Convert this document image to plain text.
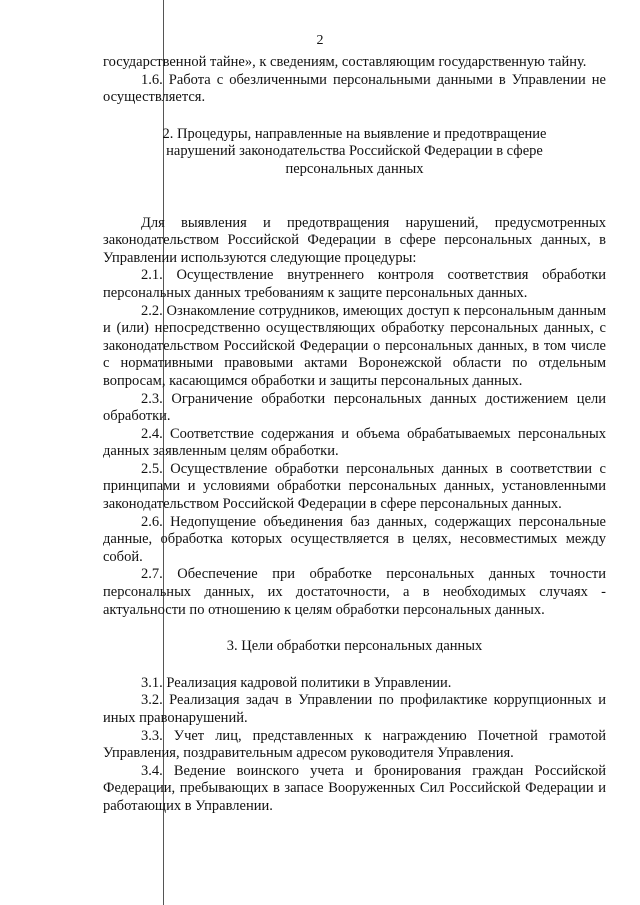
2

государственной тайне», к сведениям, составляющим государственную тайну.

1.6. Работа с обезличенными персональными данными в Управлении не осуществляется.

2. Процедуры, направленные на выявление и предотвращение

нарушений законодательства Российской Федерации в сфере

персональных данных

Для выявления и предотвращения нарушений, предусмотренных законодательством Российской Федерации в сфере персональных данных, в Управлении используются следующие процедуры:

2.1. Осуществление внутреннего контроля соответствия обработки персональных данных требованиям к защите персональных данных.

2.2. Ознакомление сотрудников, имеющих доступ к персональным данным и (или) непосредственно осуществляющих обработку персональных данных, с законодательством Российской Федерации о персональных данных, в том числе с нормативными правовыми актами Воронежской области по отдельным вопросам, касающимся обработки и защиты персональных данных.

2.3. Ограничение обработки персональных данных достижением цели обработки.

2.4. Соответствие содержания и объема обрабатываемых персональных данных заявленным целям обработки.

2.5. Осуществление обработки персональных данных в соответствии с принципами и условиями обработки персональных данных, установленными законодательством Российской Федерации в сфере персональных данных.

2.6. Недопущение объединения баз данных, содержащих персональные данные, обработка которых осуществляется в целях, несовместимых между собой.

2.7. Обеспечение при обработке персональных данных точности персональных данных, их достаточности, а в необходимых случаях - актуальности по отношению к целям обработки персональных данных.

3. Цели обработки персональных данных

3.1. Реализация кадровой политики в Управлении.

3.2. Реализация задач в Управлении по профилактике коррупционных и иных правонарушений.

3.3. Учет лиц, представленных к награждению Почетной грамотой Управления, поздравительным адресом руководителя Управления.

3.4. Ведение воинского учета и бронирования граждан Российской Федерации, пребывающих в запасе Вооруженных Сил Российской Федерации и работающих в Управлении.
